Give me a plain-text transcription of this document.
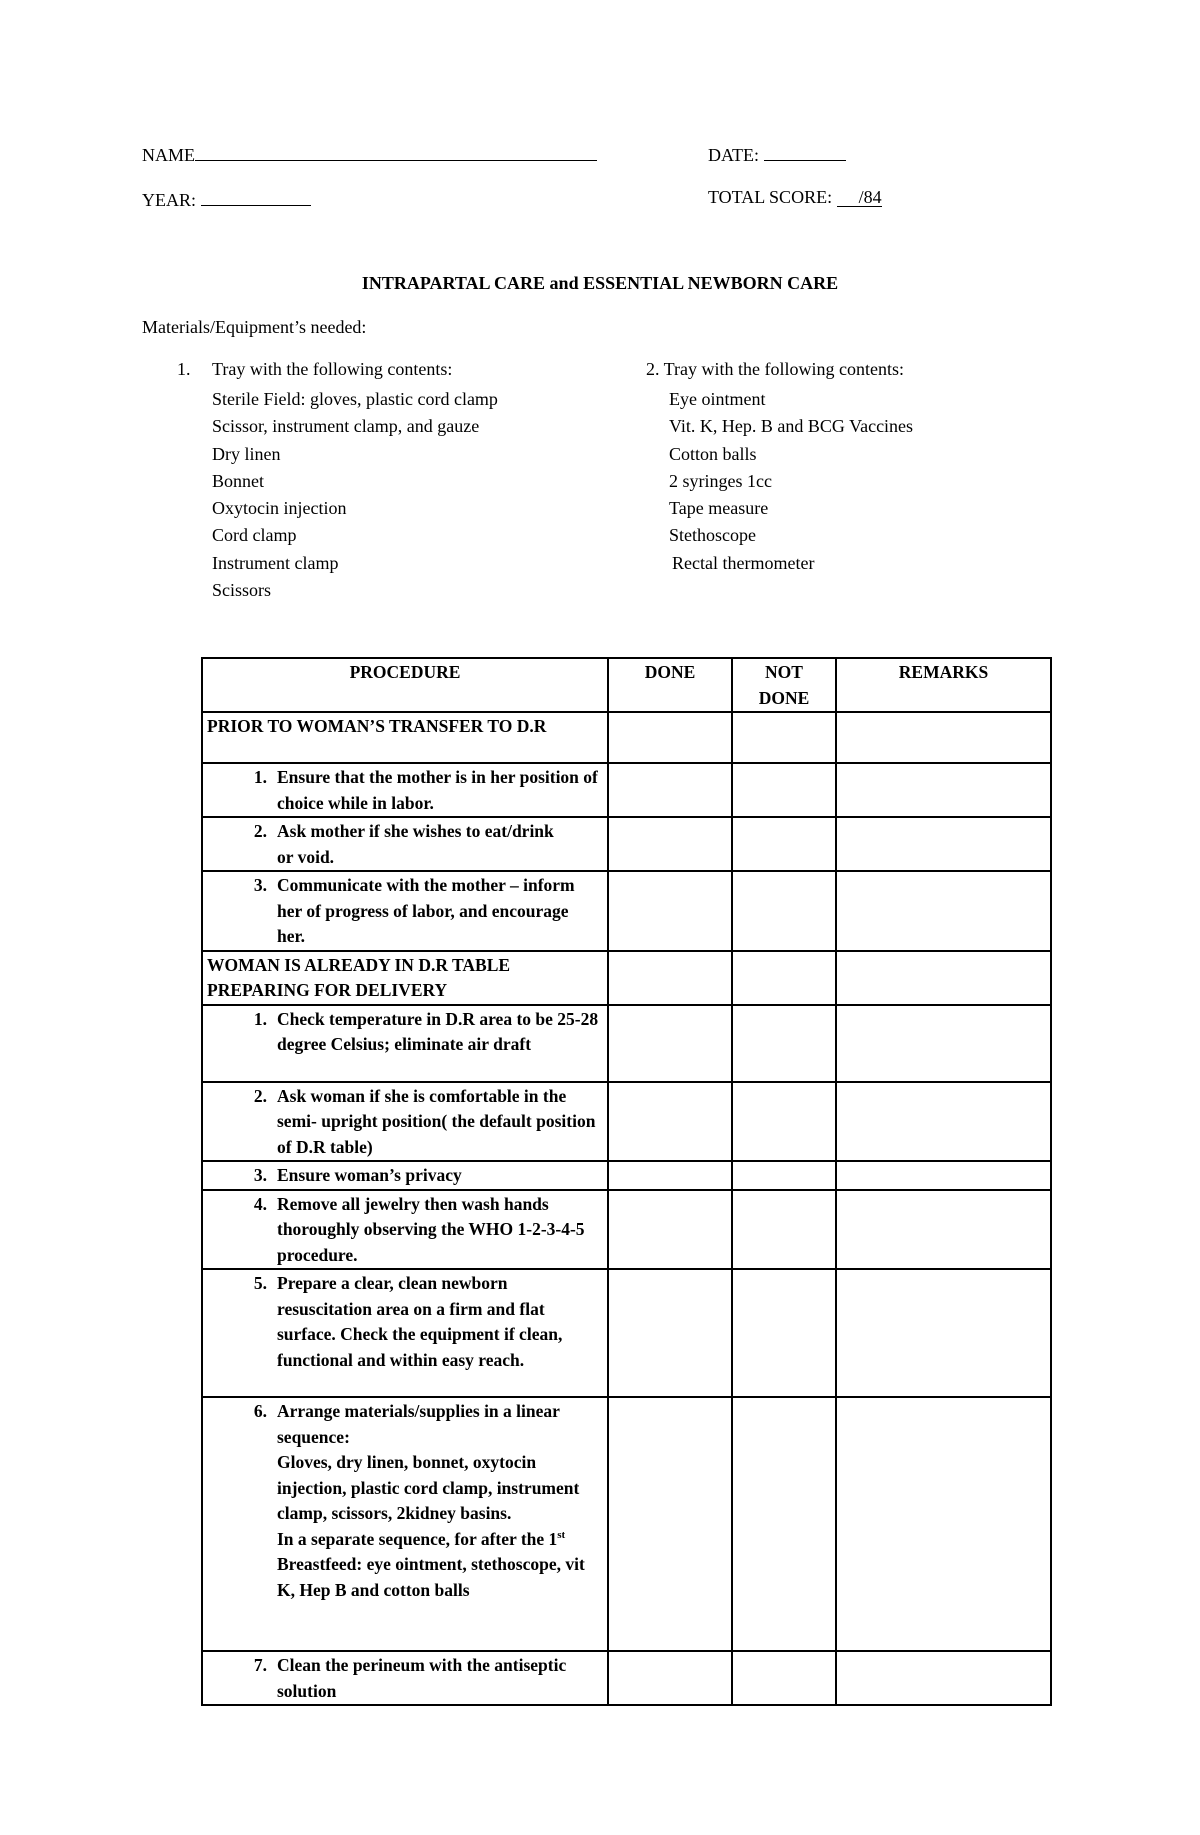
NAME	DATE:
YEAR:	TOTAL SCORE: /84
INTRAPARTAL CARE and ESSENTIAL NEWBORN CARE
Materials/Equipment’s needed:
1. Tray with the following contents:
Sterile Field: gloves, plastic cord clamp
Scissor, instrument clamp, and gauze
Dry linen
Bonnet
Oxytocin injection
Cord clamp
Instrument clamp
Scissors
2. Tray with the following contents:
Eye ointment
Vit. K, Hep. B and BCG Vaccines
Cotton balls
2 syringes 1cc
Tape measure
Stethoscope
Rectal thermometer
PROCEDURE	DONE	NOT DONE	REMARKS
PRIOR TO WOMAN’S TRANSFER TO D.R			

1. Ensure that the mother is in her position of choice while in labor.			

2. Ask mother if she wishes to eat/drink or void.			

3. Communicate with the mother – inform her of progress of labor, and encourage her.			

WOMAN IS ALREADY IN D.R TABLE PREPARING FOR DELIVERY			

1. Check temperature in D.R area to be 25-28 degree Celsius; eliminate air draft			

2. Ask woman if she is comfortable in the semi- upright position( the default position of D.R table)			

3. Ensure woman’s privacy			

4. Remove all jewelry then wash hands thoroughly observing the WHO 1-2-3-4-5 procedure.			

5. Prepare a clear, clean newborn resuscitation area on a firm and flat surface. Check the equipment if clean, functional and within easy reach.			

6. Arrange materials/supplies in a linear sequence:
Gloves, dry linen, bonnet, oxytocin injection, plastic cord clamp, instrument clamp, scissors, 2kidney basins.
In a separate sequence, for after the 1st Breastfeed: eye ointment, stethoscope, vit K, Hep B and cotton balls			

7. Clean the perineum with the antiseptic solution			
